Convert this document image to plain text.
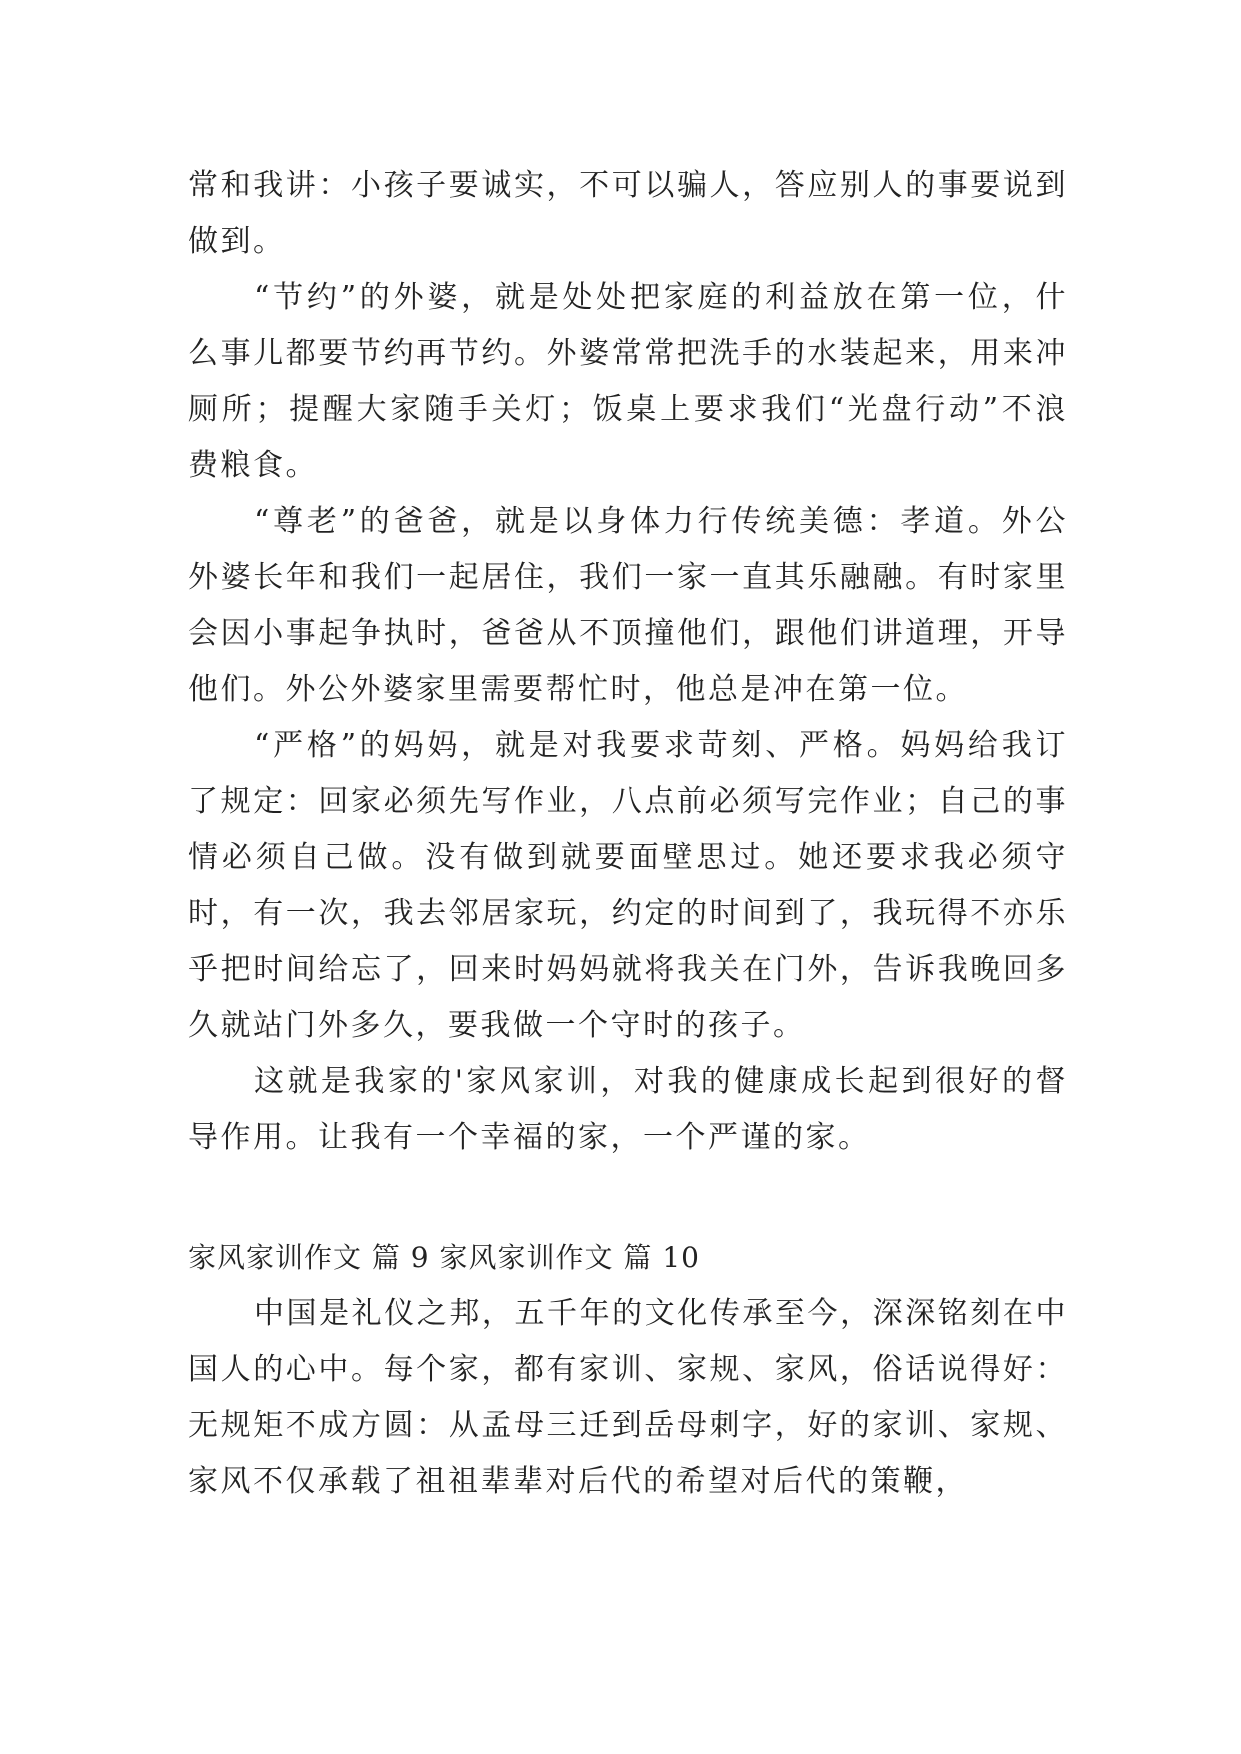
常和我讲：小孩子要诚实，不可以骗人，答应别人的事要说到做到。

“节约”的外婆，就是处处把家庭的利益放在第一位，什么事儿都要节约再节约。外婆常常把洗手的水装起来，用来冲厕所；提醒大家随手关灯；饭桌上要求我们“光盘行动”不浪费粮食。

“尊老”的爸爸，就是以身体力行传统美德：孝道。外公外婆长年和我们一起居住，我们一家一直其乐融融。有时家里会因小事起争执时，爸爸从不顶撞他们，跟他们讲道理，开导他们。外公外婆家里需要帮忙时，他总是冲在第一位。

“严格”的妈妈，就是对我要求苛刻、严格。妈妈给我订了规定：回家必须先写作业，八点前必须写完作业；自己的事情必须自己做。没有做到就要面壁思过。她还要求我必须守时，有一次，我去邻居家玩，约定的时间到了，我玩得不亦乐乎把时间给忘了，回来时妈妈就将我关在门外，告诉我晚回多久就站门外多久，要我做一个守时的孩子。

这就是我家的'家风家训，对我的健康成长起到很好的督导作用。让我有一个幸福的家，一个严谨的家。

家风家训作文 篇 9 家风家训作文 篇 10

中国是礼仪之邦，五千年的文化传承至今，深深铭刻在中国人的心中。每个家，都有家训、家规、家风，俗话说得好：无规矩不成方圆：从孟母三迁到岳母刺字，好的家训、家规、家风不仅承载了祖祖辈辈对后代的希望对后代的策鞭，
